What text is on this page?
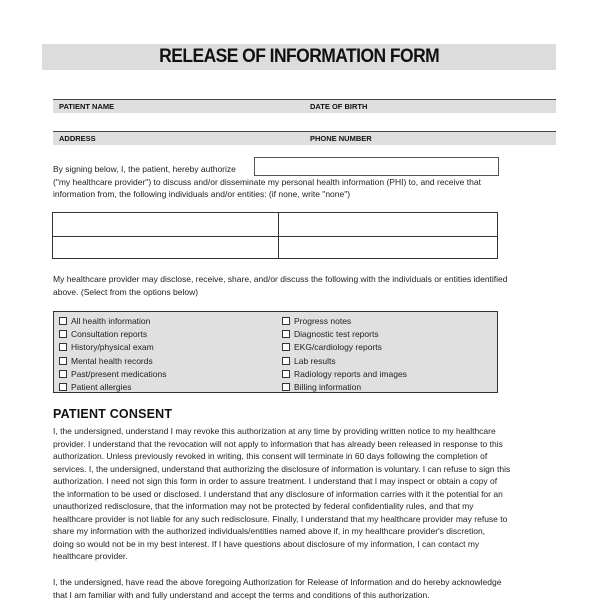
RELEASE OF INFORMATION FORM
PATIENT NAME	DATE OF BIRTH
ADDRESS	PHONE NUMBER
By signing below, I, the patient, hereby authorize
("my healthcare provider") to discuss and/or disseminate my personal health information (PHI) to, and receive that
information from, the following individuals and/or entities: (if none, write "none")
My healthcare provider may disclose, receive, share, and/or discuss the following with the individuals or entities identified
above. (Select from the options below)
All health information
Consultation reports
History/physical exam
Mental health records
Past/present medications
Patient allergies
Progress notes
Diagnostic test reports
EKG/cardiology reports
Lab results
Radiology reports and images
Billing information
PATIENT CONSENT
I, the undersigned, understand I may revoke this authorization at any time by providing written notice to my healthcare
provider. I understand that the revocation will not apply to information that has already been released in response to this
authorization. Unless previously revoked in writing, this consent will terminate in 60 days following the completion of
services. I, the undersigned, understand that authorizing the disclosure of information is voluntary. I can refuse to sign this
authorization. I need not sign this form in order to assure treatment. I understand that I may inspect or obtain a copy of
the information to be used or disclosed. I understand that any disclosure of information carries with it the potential for an
unauthorized redisclosure, that the information may not be protected by federal confidentiality rules, and that my
healthcare provider is not liable for any such redisclosure. Finally, I understand that my healthcare provider may refuse to
share my information with the authorized individuals/entities named above if, in my healthcare provider's discretion,
doing so would not be in my best interest. If I have questions about disclosure of my information, I can contact my
healthcare provider.
I, the undersigned, have read the above foregoing Authorization for Release of Information and do hereby acknowledge
that I am familiar with and fully understand and accept the terms and conditions of this authorization.
